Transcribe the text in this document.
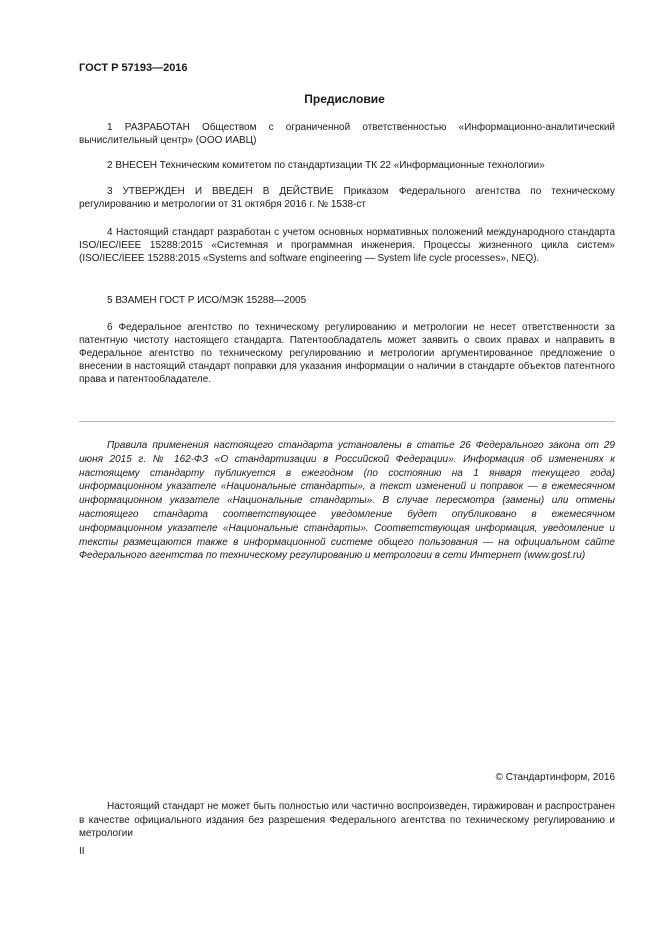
ГОСТ Р 57193—2016
Предисловие

1 РАЗРАБОТАН Обществом с ограниченной ответственностью «Информационно-аналитический вычислительный центр» (ООО ИАВЦ)

2 ВНЕСЕН Техническим комитетом по стандартизации ТК 22 «Информационные технологии»

3 УТВЕРЖДЕН И ВВЕДЕН В ДЕЙСТВИЕ Приказом Федерального агентства по техническому регулированию и метрологии от 31 октября 2016 г. № 1538-ст

4 Настоящий стандарт разработан с учетом основных нормативных положений международного стандарта ISO/IEC/IEEE 15288:2015 «Системная и программная инженерия. Процессы жизненного цикла систем» (ISO/IEC/IEEE 15288:2015 «Systems and software engineering — System life cycle processes», NEQ).

5 ВЗАМЕН ГОСТ Р ИСО/МЭК 15288—2005

6 Федеральное агентство по техническому регулированию и метрологии не несет ответственности за патентную чистоту настоящего стандарта. Патентообладатель может заявить о своих правах и направить в Федеральное агентство по техническому регулированию и метрологии аргументированное предложение о внесении в настоящий стандарт поправки для указания информации о наличии в стандарте объектов патентного права и патентообладателе.

Правила применения настоящего стандарта установлены в статье 26 Федерального закона от 29 июня 2015 г. № 162-ФЗ «О стандартизации в Российской Федерации». Информация об изменениях к настоящему стандарту публикуется в ежегодном (по состоянию на 1 января текущего года) информационном указателе «Национальные стандарты», а текст изменений и поправок — в ежемесячном информационном указателе «Национальные стандарты». В случае пересмотра (замены) или отмены настоящего стандарта соответствующее уведомление будет опубликовано в ежемесячном информационном указателе «Национальные стандарты». Соответствующая информация, уведомление и тексты размещаются также в информационной системе общего пользования — на официальном сайте Федерального агентства по техническому регулированию и метрологии в сети Интернет (www.gost.ru)

© Стандартинформ, 2016

Настоящий стандарт не может быть полностью или частично воспроизведен, тиражирован и распространен в качестве официального издания без разрешения Федерального агентства по техническому регулированию и метрологии

II
